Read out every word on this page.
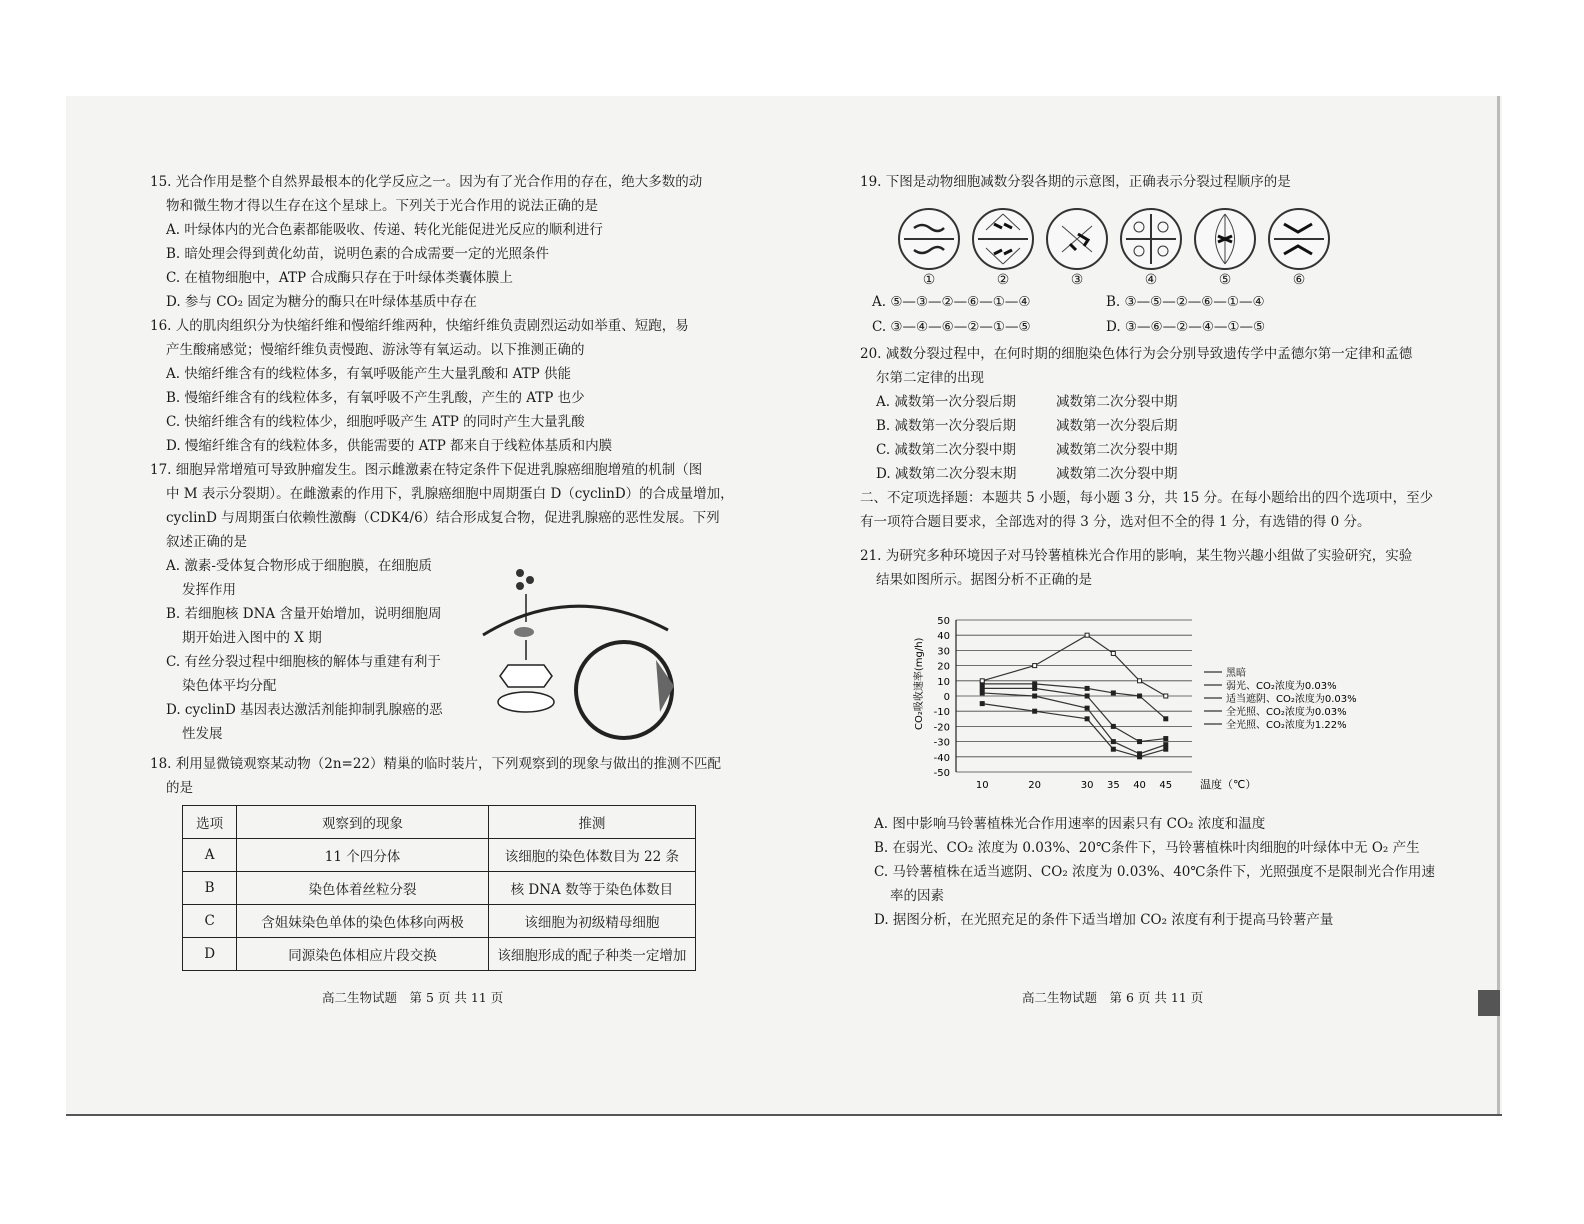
15. 光合作用是整个自然界最根本的化学反应之一。因为有了光合作用的存在，绝大多数的动

物和微生物才得以生存在这个星球上。下列关于光合作用的说法正确的是

A. 叶绿体内的光合色素都能吸收、传递、转化光能促进光反应的顺利进行

B. 暗处理会得到黄化幼苗，说明色素的合成需要一定的光照条件

C. 在植物细胞中，ATP 合成酶只存在于叶绿体类囊体膜上

D. 参与 CO₂ 固定为糖分的酶只在叶绿体基质中存在

16. 人的肌肉组织分为快缩纤维和慢缩纤维两种，快缩纤维负责剧烈运动如举重、短跑，易

产生酸痛感觉；慢缩纤维负责慢跑、游泳等有氧运动。以下推测正确的

A. 快缩纤维含有的线粒体多，有氧呼吸能产生大量乳酸和 ATP 供能

B. 慢缩纤维含有的线粒体多，有氧呼吸不产生乳酸，产生的 ATP 也少

C. 快缩纤维含有的线粒体少，细胞呼吸产生 ATP 的同时产生大量乳酸

D. 慢缩纤维含有的线粒体多，供能需要的 ATP 都来自于线粒体基质和内膜

17. 细胞异常增殖可导致肿瘤发生。图示雌激素在特定条件下促进乳腺癌细胞增殖的机制（图

中 M 表示分裂期）。在雌激素的作用下，乳腺癌细胞中周期蛋白 D（cyclinD）的合成量增加，

cyclinD 与周期蛋白依赖性激酶（CDK4/6）结合形成复合物，促进乳腺癌的恶性发展。下列

叙述正确的是

A. 激素-受体复合物形成于细胞膜，在细胞质

发挥作用

B. 若细胞核 DNA 含量开始增加，说明细胞周

期开始进入图中的 X 期

C. 有丝分裂过程中细胞核的解体与重建有利于

染色体平均分配

D. cyclinD 基因表达激活剂能抑制乳腺癌的恶

性发展

18. 利用显微镜观察某动物（2n=22）精巢的临时装片，下列观察到的现象与做出的推测不匹配

的是

选项	观察到的现象	推测
A	11 个四分体	该细胞的染色体数目为 22 条
B	染色体着丝粒分裂	核 DNA 数等于染色体数目
C	含姐妹染色单体的染色体移向两极	该细胞为初级精母细胞
D	同源染色体相应片段交换	该细胞形成的配子种类一定增加
高二生物试题　第 5 页 共 11 页

19. 下图是动物细胞减数分裂各期的示意图，正确表示分裂过程顺序的是

①	②	③	④	⑤	⑥
A. ⑤—③—②—⑥—①—④	B. ③—⑤—②—⑥—①—④
C. ③—④—⑥—②—①—⑤	D. ③—⑥—②—④—①—⑤

20. 减数分裂过程中，在何时期的细胞染色体行为会分别导致遗传学中孟德尔第一定律和孟德

尔第二定律的出现

A. 减数第一次分裂后期	减数第二次分裂中期

B. 减数第一次分裂后期	减数第一次分裂后期

C. 减数第二次分裂中期	减数第二次分裂中期

D. 减数第二次分裂末期	减数第二次分裂中期

二、不定项选择题：本题共 5 小题，每小题 3 分，共 15 分。在每小题给出的四个选项中，至少

有一项符合题目要求，全部选对的得 3 分，选对但不全的得 1 分，有选错的得 0 分。

21. 为研究多种环境因子对马铃薯植株光合作用的影响，某生物兴趣小组做了实验研究，实验

结果如图所示。据图分析不正确的是

CO₂吸收速率(mg/h)
温度（℃）
50
40
30
20
10
0
-10
-20
-30
-40
-50
10	20	30 35 40 45
黑暗
弱光、CO₂浓度为0.03%
适当遮阴、CO₂浓度为0.03%
全光照、CO₂浓度为0.03%
全光照、CO₂浓度为1.22%

A. 图中影响马铃薯植株光合作用速率的因素只有 CO₂ 浓度和温度

B. 在弱光、CO₂ 浓度为 0.03%、20℃条件下，马铃薯植株叶肉细胞的叶绿体中无 O₂ 产生

C. 马铃薯植株在适当遮阴、CO₂ 浓度为 0.03%、40℃条件下，光照强度不是限制光合作用速

率的因素

D. 据图分析，在光照充足的条件下适当增加 CO₂ 浓度有利于提高马铃薯产量

高二生物试题　第 6 页 共 11 页
